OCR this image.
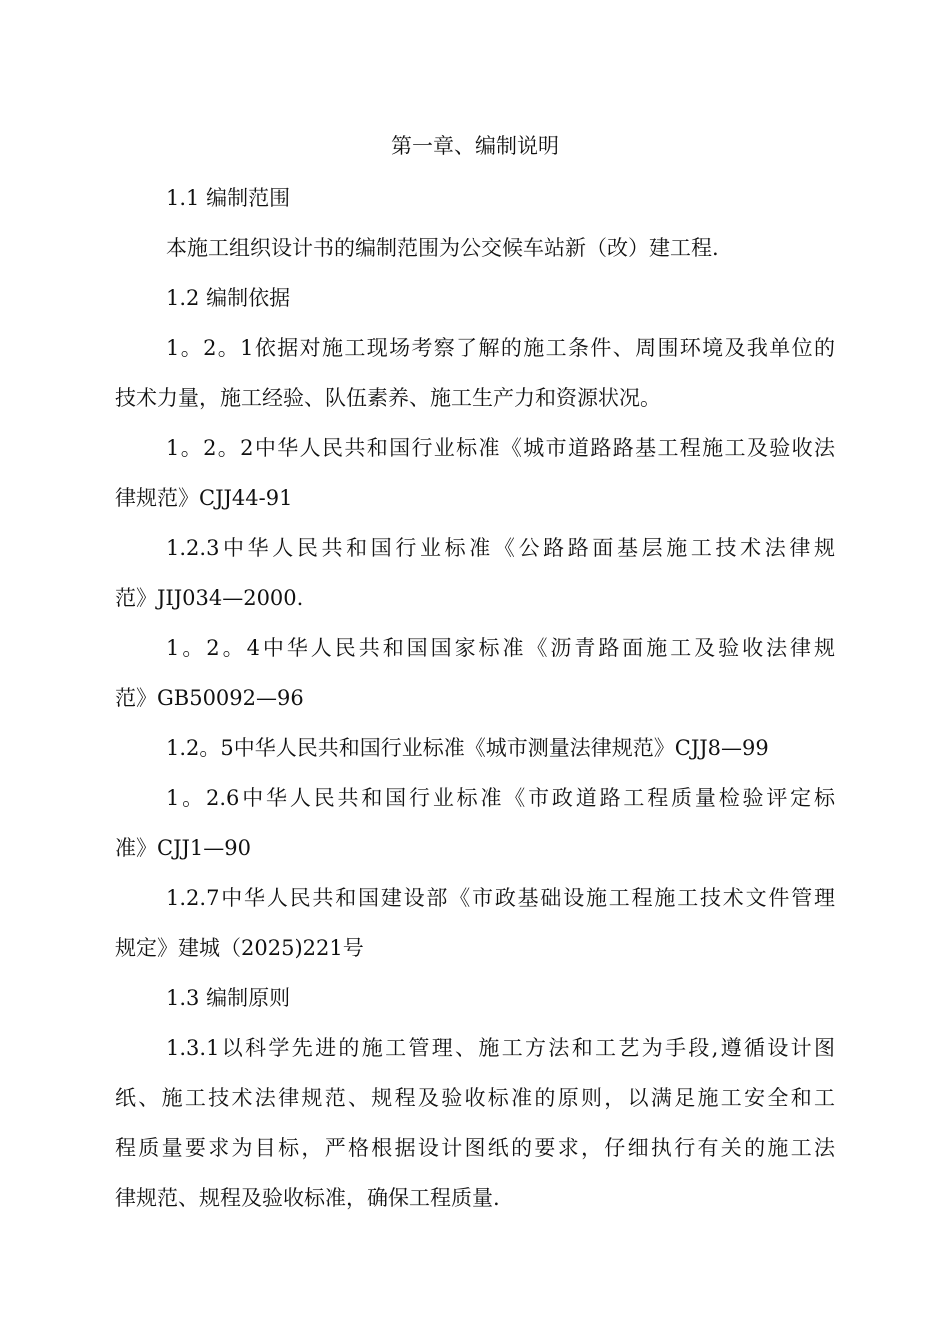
第一章、编制说明

1.1 编制范围

本施工组织设计书的编制范围为公交候车站新（改）建工程.

1.2 编制依据

1。2。1依据对施工现场考察了解的施工条件、周围环境及我单位的

技术力量，施工经验、队伍素养、施工生产力和资源状况。

1。2。2中华人民共和国行业标准《城市道路路基工程施工及验收法

律规范》CJJ44-91

1.2.3中华人民共和国行业标准《公路路面基层施工技术法律规

范》JIJ034—2000.

1。2。4中华人民共和国国家标准《沥青路面施工及验收法律规

范》GB50092—96

1.2。5中华人民共和国行业标准《城市测量法律规范》CJJ8—99

1。2.6中华人民共和国行业标准《市政道路工程质量检验评定标

准》CJJ1—90

1.2.7中华人民共和国建设部《市政基础设施工程施工技术文件管理

规定》建城（2025)221号

1.3 编制原则

1.3.1以科学先进的施工管理、施工方法和工艺为手段,遵循设计图

纸、施工技术法律规范、规程及验收标准的原则，以满足施工安全和工

程质量要求为目标，严格根据设计图纸的要求，仔细执行有关的施工法

律规范、规程及验收标准，确保工程质量.
